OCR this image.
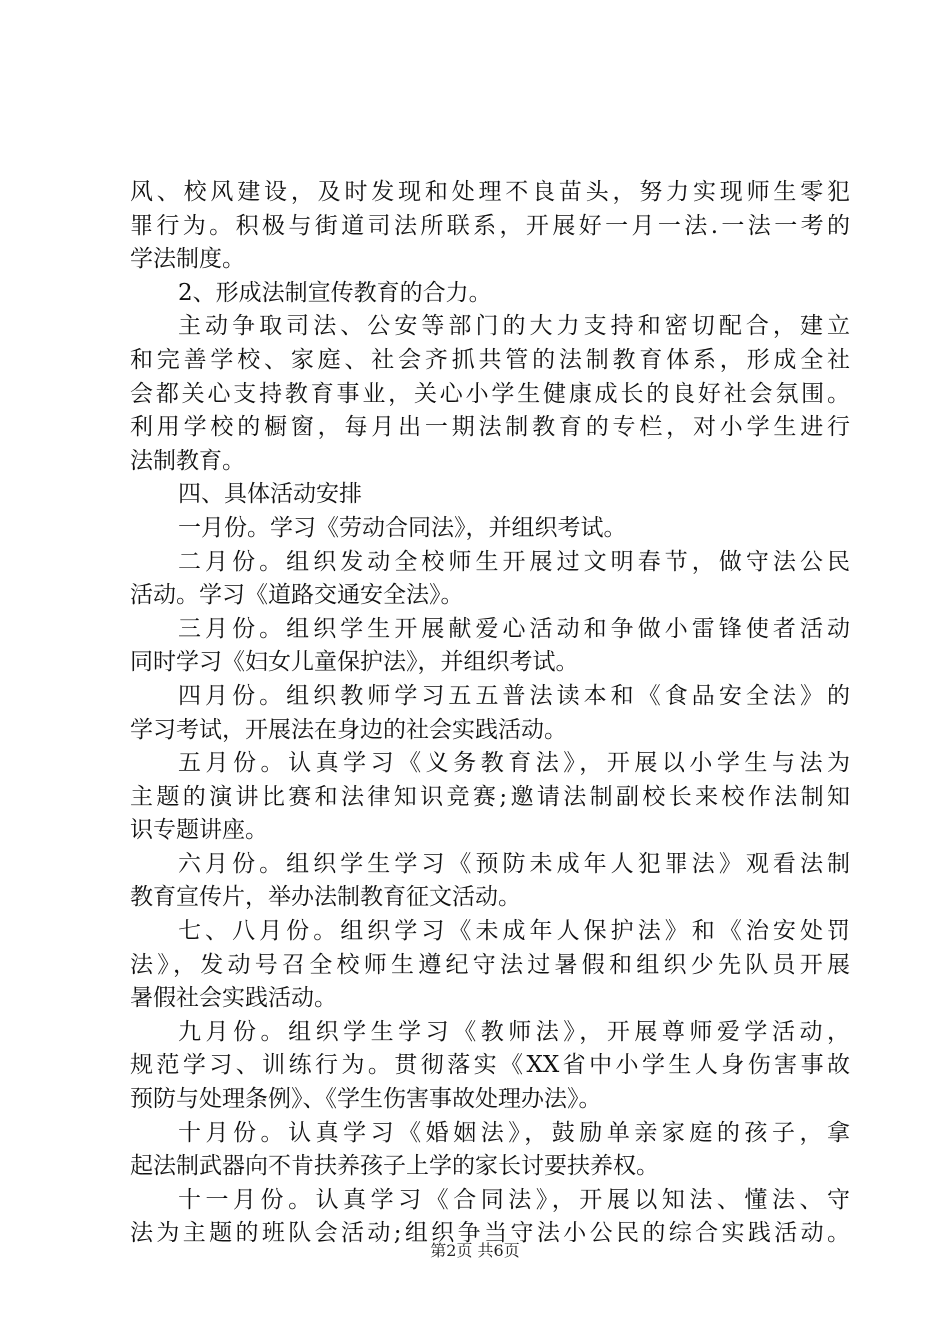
风、校风建设，及时发现和处理不良苗头，努力实现师生零犯
罪行为。积极与街道司法所联系，开展好一月一法.一法一考的
学法制度。
2、形成法制宣传教育的合力。
主动争取司法、公安等部门的大力支持和密切配合，建立
和完善学校、家庭、社会齐抓共管的法制教育体系，形成全社
会都关心支持教育事业，关心小学生健康成长的良好社会氛围。
利用学校的橱窗，每月出一期法制教育的专栏，对小学生进行
法制教育。
四、具体活动安排
一月份。学习《劳动合同法》，并组织考试。
二月份。组织发动全校师生开展过文明春节，做守法公民
活动。学习《道路交通安全法》。
三月份。组织学生开展献爱心活动和争做小雷锋使者活动
同时学习《妇女儿童保护法》，并组织考试。
四月份。组织教师学习五五普法读本和《食品安全法》的
学习考试，开展法在身边的社会实践活动。
五月份。认真学习《义务教育法》，开展以小学生与法为
主题的演讲比赛和法律知识竞赛;邀请法制副校长来校作法制知
识专题讲座。
六月份。组织学生学习《预防未成年人犯罪法》观看法制
教育宣传片，举办法制教育征文活动。
七、八月份。组织学习《未成年人保护法》和《治安处罚
法》，发动号召全校师生遵纪守法过暑假和组织少先队员开展
暑假社会实践活动。
九月份。组织学生学习《教师法》，开展尊师爱学活动，
规范学习、训练行为。贯彻落实《XX省中小学生人身伤害事故
预防与处理条例》、《学生伤害事故处理办法》。
十月份。认真学习《婚姻法》，鼓励单亲家庭的孩子，拿
起法制武器向不肯扶养孩子上学的家长讨要扶养权。
十一月份。认真学习《合同法》，开展以知法、懂法、守
法为主题的班队会活动;组织争当守法小公民的综合实践活动。
第2页 共6页
